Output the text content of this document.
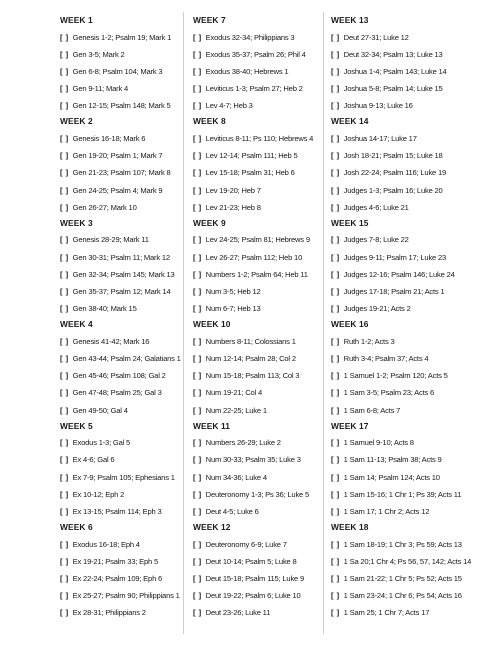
WEEK 1
[ ] Genesis 1-2; Psalm 19; Mark 1
[ ] Gen 3-5; Mark 2
[ ] Gen 6-8; Psalm 104; Mark 3
[ ] Gen 9-11; Mark 4
[ ] Gen 12-15; Psalm 148; Mark 5
WEEK 2
[ ] Genesis 16-18; Mark 6
[ ] Gen 19-20; Psalm 1; Mark 7
[ ] Gen 21-23; Psalm 107; Mark 8
[ ] Gen 24-25; Psalm 4; Mark 9
[ ] Gen 26-27; Mark 10
WEEK 3
[ ] Genesis 28-29; Mark 11
[ ] Gen 30-31; Psalm 11; Mark 12
[ ] Gen 32-34; Psalm 145; Mark 13
[ ] Gen 35-37; Psalm 12; Mark 14
[ ] Gen 38-40; Mark 15
WEEK 4
[ ] Genesis 41-42; Mark 16
[ ] Gen 43-44; Psalm 24; Galatians 1
[ ] Gen 45-46; Psalm 108; Gal 2
[ ] Gen 47-48; Psalm 25; Gal 3
[ ] Gen 49-50; Gal 4
WEEK 5
[ ] Exodus 1-3; Gal 5
[ ] Ex 4-6; Gal 6
[ ] Ex 7-9; Psalm 105; Ephesians 1
[ ] Ex 10-12; Eph 2
[ ] Ex 13-15; Psalm 114; Eph 3
WEEK 6
[ ] Exodus 16-18; Eph 4
[ ] Ex 19-21; Psalm 33; Eph 5
[ ] Ex 22-24; Psalm 109; Eph 6
[ ] Ex 25-27; Psalm 90; Philippians 1
[ ] Ex 28-31; Philippians 2
WEEK 7
[ ] Exodus 32-34; Philippians 3
[ ] Exodus 35-37; Psalm 26; Phil 4
[ ] Exodus 38-40; Hebrews 1
[ ] Leviticus 1-3; Psalm 27; Heb 2
[ ] Lev 4-7; Heb 3
WEEK 8
[ ] Leviticus 8-11; Ps 110; Hebrews 4
[ ] Lev 12-14; Psalm 111; Heb 5
[ ] Lev 15-18; Psalm 31; Heb 6
[ ] Lev 19-20; Heb 7
[ ] Lev 21-23; Heb 8
WEEK 9
[ ] Lev 24-25; Psalm 81; Hebrews 9
[ ] Lev 26-27; Psalm 112; Heb 10
[ ] Numbers 1-2; Psalm 64; Heb 11
[ ] Num 3-5; Heb 12
[ ] Num 6-7; Heb 13
WEEK 10
[ ] Numbers 8-11; Colossians 1
[ ] Num 12-14; Psalm 28; Col 2
[ ] Num 15-18; Psalm 113; Col 3
[ ] Num 19-21; Col 4
[ ] Num 22-25; Luke 1
WEEK 11
[ ] Numbers 26-29; Luke 2
[ ] Num 30-33; Psalm 35; Luke 3
[ ] Num 34-36; Luke 4
[ ] Deuteronomy 1-3; Ps 36; Luke 5
[ ] Deut 4-5; Luke 6
WEEK 12
[ ] Deuteronomy 6-9; Luke 7
[ ] Deut 10-14; Psalm 5; Luke 8
[ ] Deut 15-18; Psalm 115; Luke 9
[ ] Deut 19-22; Psalm 6; Luke 10
[ ] Deut 23-26; Luke 11
WEEK 13
[ ] Deut 27-31; Luke 12
[ ] Deut 32-34; Psalm 13; Luke 13
[ ] Joshua 1-4; Psalm 143; Luke 14
[ ] Joshua 5-8; Psalm 14; Luke 15
[ ] Joshua 9-13; Luke 16
WEEK 14
[ ] Joshua 14-17; Luke 17
[ ] Josh 18-21; Psalm 15; Luke 18
[ ] Josh 22-24; Psalm 116; Luke 19
[ ] Judges 1-3; Psalm 16; Luke 20
[ ] Judges 4-6; Luke 21
WEEK 15
[ ] Judges 7-8; Luke 22
[ ] Judges 9-11; Psalm 17; Luke 23
[ ] Judges 12-16; Psalm 146; Luke 24
[ ] Judges 17-18; Psalm 21; Acts 1
[ ] Judges 19-21; Acts 2
WEEK 16
[ ] Ruth 1-2; Acts 3
[ ] Ruth 3-4; Psalm 37; Acts 4
[ ] 1 Samuel 1-2; Psalm 120; Acts 5
[ ] 1 Sam 3-5; Psalm 23; Acts 6
[ ] 1 Sam 6-8; Acts 7
WEEK 17
[ ] 1 Samuel 9-10; Acts 8
[ ] 1 Sam 11-13; Psalm 38; Acts 9
[ ] 1 Sam 14; Psalm 124; Acts 10
[ ] 1 Sam 15-16; 1 Chr 1; Ps 39; Acts 11
[ ] 1 Sam 17; 1 Chr 2; Acts 12
WEEK 18
[ ] 1 Sam 18-19; 1 Chr 3; Ps 59; Acts 13
[ ] 1 Sa 20;1 Chr 4; Ps 56, 57, 142; Acts 14
[ ] 1 Sam 21-22; 1 Chr 5; Ps 52; Acts 15
[ ] 1 Sam 23-24; 1 Chr 6; Ps 54; Acts 16
[ ] 1 Sam 25; 1 Chr 7; Acts 17
